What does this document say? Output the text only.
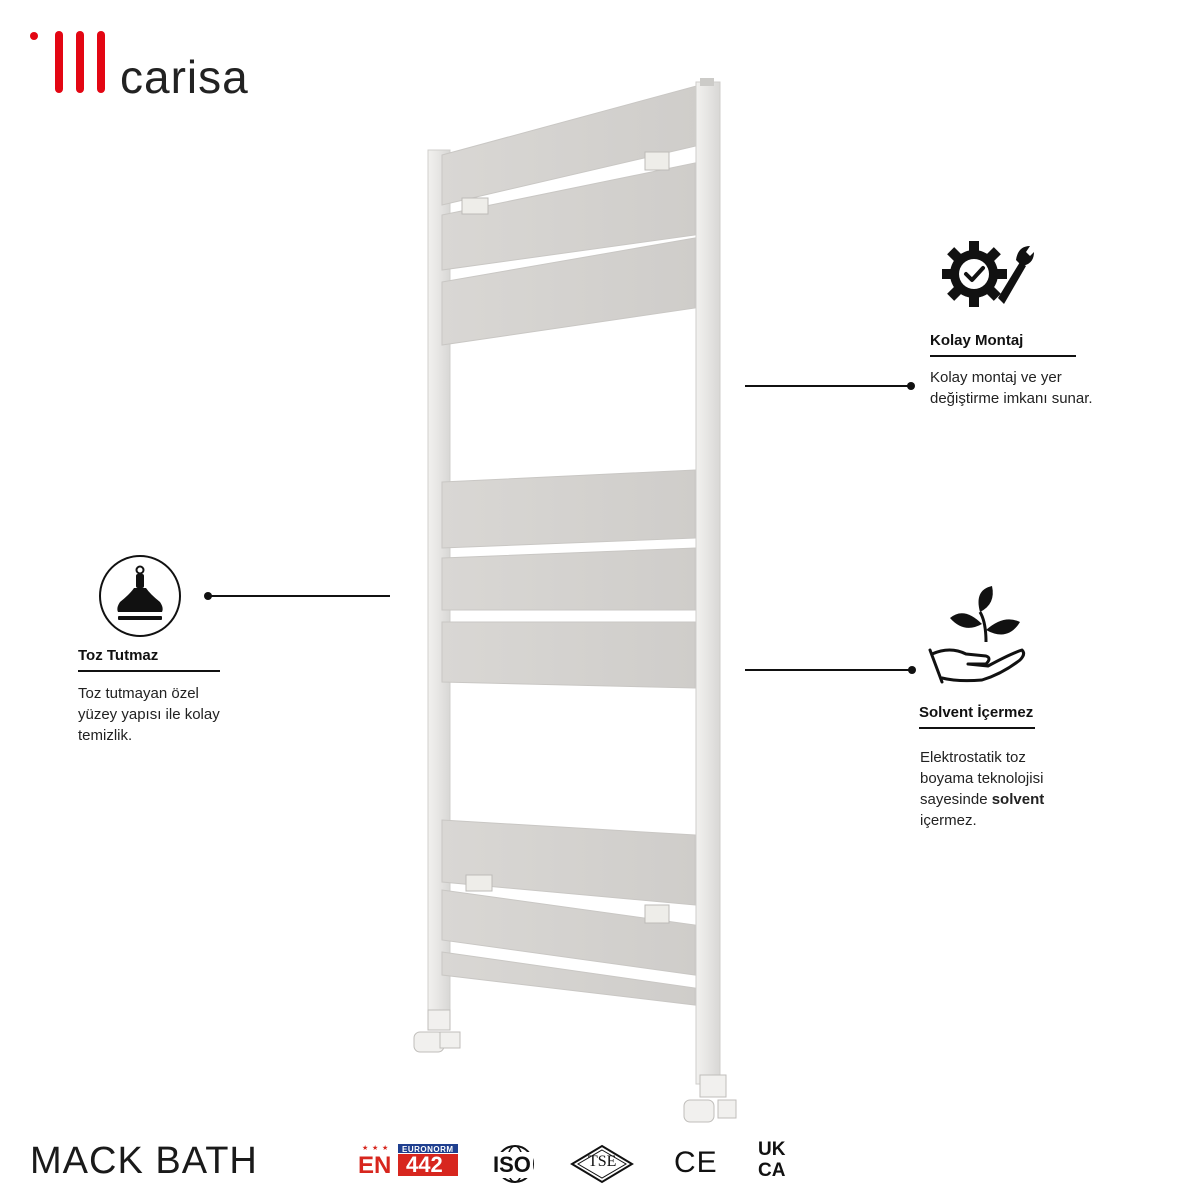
carisa
Kolay Montaj
Kolay montaj ve yer
değiştirme imkanı sunar.
Toz Tutmaz
Toz tutmayan özel
yüzey yapısı ile kolay
temizlik.
Solvent İçermez
Elektrostatik toz
boyama teknolojisi
sayesinde solvent
içermez.
MACK BATH	★ ★ ★ EURONORM
EN 442 ISO	TSE CE UK
CA
